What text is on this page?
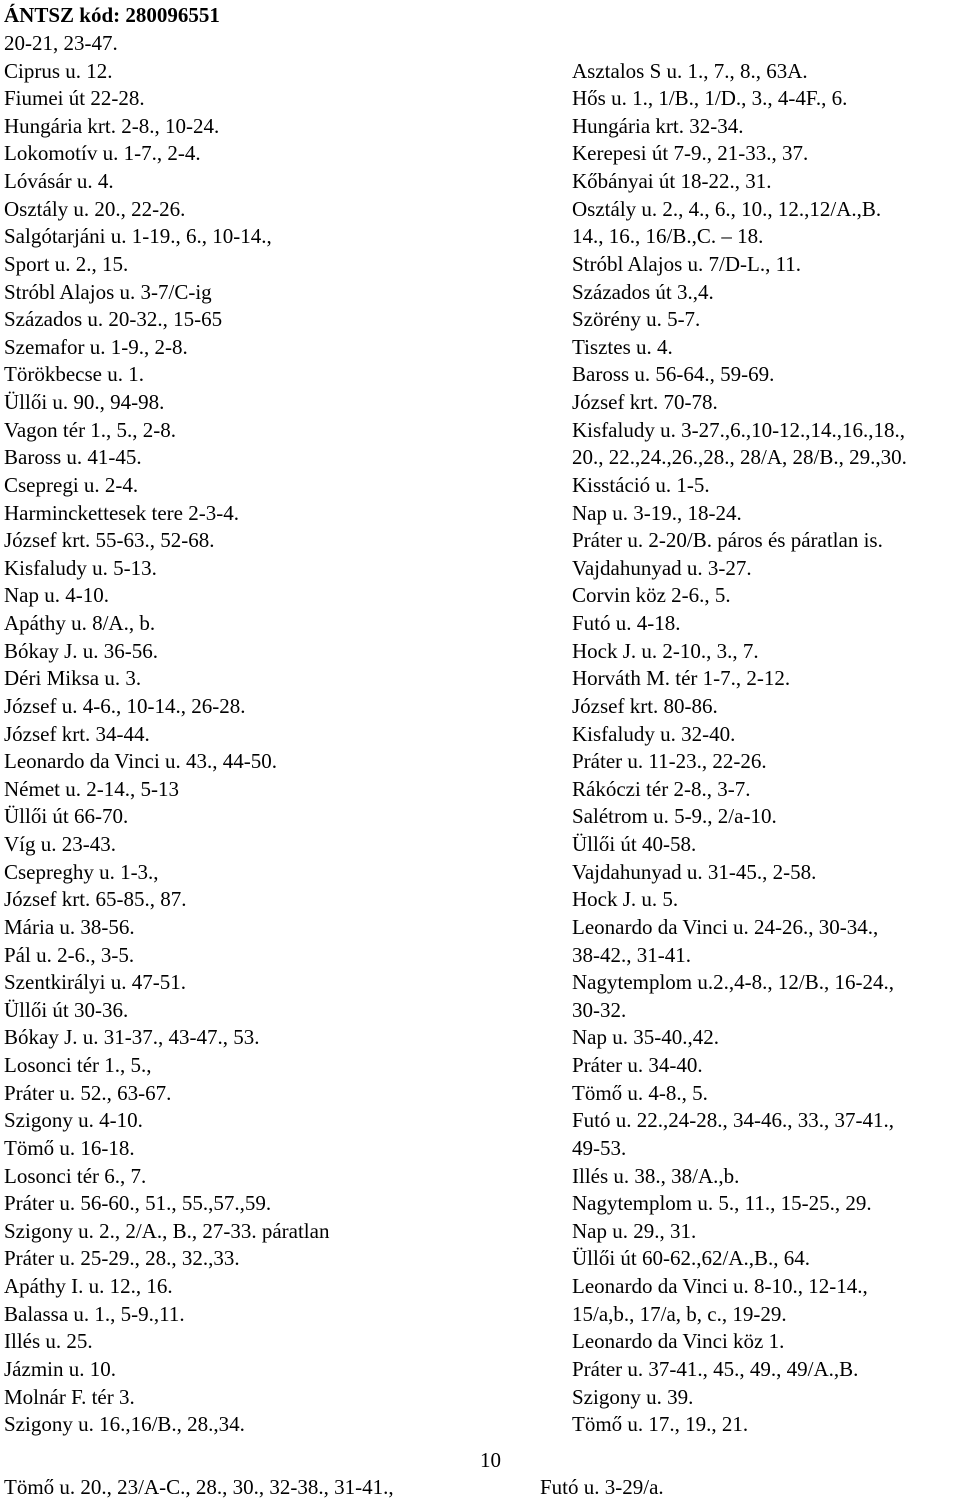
ÁNTSZ kód: 280096551
20-21, 23-47.
Ciprus u. 12.
Fiumei út 22-28.
Hungária krt. 2-8., 10-24.
Lokomotív u. 1-7., 2-4.
Lóvásár u. 4.
Osztály u. 20., 22-26.
Salgótarjáni u. 1-19., 6., 10-14.,
Sport u. 2., 15.
Stróbl Alajos u. 3-7/C-ig
Százados u. 20-32., 15-65
Szemafor u. 1-9., 2-8.
Törökbecse u. 1.
Üllői u. 90., 94-98.
Vagon tér 1., 5., 2-8.
Baross u. 41-45.
Csepregi u. 2-4.
Harminckettesek tere 2-3-4.
József krt. 55-63., 52-68.
Kisfaludy u. 5-13.
Nap u. 4-10.
Apáthy u. 8/A., b.
Bókay J. u. 36-56.
Déri Miksa u. 3.
József u. 4-6., 10-14., 26-28.
József krt. 34-44.
Leonardo da Vinci u. 43., 44-50.
Német u. 2-14., 5-13
Üllői út 66-70.
Víg u. 23-43.
Csepreghy u. 1-3.,
József krt. 65-85., 87.
Mária u. 38-56.
Pál u. 2-6., 3-5.
Szentkirályi u. 47-51.
Üllői út 30-36.
Bókay J. u. 31-37., 43-47., 53.
Losonci tér 1., 5.,
Práter u. 52., 63-67.
Szigony u. 4-10.
Tömő u. 16-18.
Losonci tér 6., 7.
Práter u. 56-60., 51., 55.,57.,59.
Szigony u. 2., 2/A., B., 27-33. páratlan
Práter u. 25-29., 28., 32.,33.
Apáthy I. u. 12., 16.
Balassa u. 1., 5-9.,11.
Illés u. 25.
Jázmin u. 10.
Molnár F. tér 3.
Szigony u. 16.,16/B., 28.,34.
Asztalos S u. 1., 7., 8., 63A.
Hős u. 1., 1/B., 1/D., 3., 4-4F., 6.
Hungária krt. 32-34.
Kerepesi út 7-9., 21-33., 37.
Kőbányai út 18-22., 31.
Osztály u. 2., 4., 6., 10., 12.,12/A.,B.
14., 16., 16/B.,C. – 18.
Stróbl Alajos u. 7/D-L., 11.
Százados út 3.,4.
Szörény u. 5-7.
Tisztes u. 4.
Baross u. 56-64., 59-69.
József krt. 70-78.
Kisfaludy u. 3-27.,6.,10-12.,14.,16.,18.,
20., 22.,24.,26.,28., 28/A, 28/B., 29.,30.
Kisstáció u. 1-5.
Nap u. 3-19., 18-24.
Práter u. 2-20/B. páros és páratlan is.
Vajdahunyad u. 3-27.
Corvin köz 2-6., 5.
Futó u. 4-18.
Hock J. u. 2-10., 3., 7.
Horváth M. tér 1-7., 2-12.
József krt. 80-86.
Kisfaludy u. 32-40.
Práter u. 11-23., 22-26.
Rákóczi tér 2-8., 3-7.
Salétrom u. 5-9., 2/a-10.
Üllői út 40-58.
Vajdahunyad u. 31-45., 2-58.
Hock J. u. 5.
Leonardo da Vinci u. 24-26., 30-34.,
38-42., 31-41.
Nagytemplom u.2.,4-8., 12/B., 16-24.,
30-32.
Nap u. 35-40.,42.
Práter u. 34-40.
Tömő u. 4-8., 5.
Futó u. 22.,24-28., 34-46., 33., 37-41.,
49-53.
Illés u. 38., 38/A.,b.
Nagytemplom u. 5., 11., 15-25., 29.
Nap u. 29., 31.
Üllői út 60-62.,62/A.,B., 64.
Leonardo da Vinci u. 8-10., 12-14.,
15/a,b., 17/a, b, c., 19-29.
Leonardo da Vinci köz 1.
Práter u. 37-41., 45., 49., 49/A.,B.
Szigony u. 39.
Tömő u. 17., 19., 21.
10
Tömő u. 20., 23/A-C., 28., 30., 32-38., 31-41.,	Futó u. 3-29/a.
